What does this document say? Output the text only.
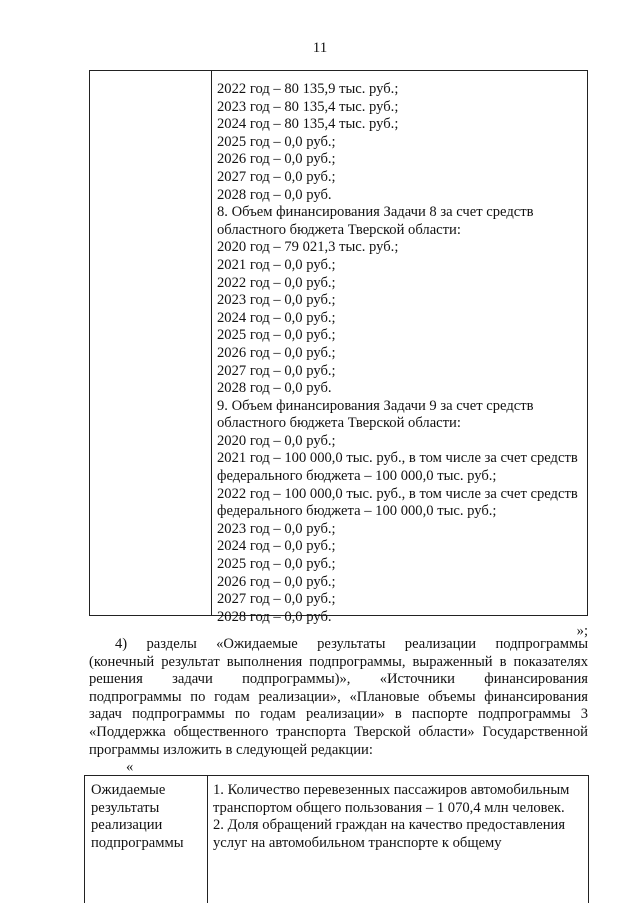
11
2022 год – 80 135,9 тыс. руб.;
2023 год – 80 135,4 тыс. руб.;
2024 год – 80 135,4 тыс. руб.;
2025 год – 0,0 руб.;
2026 год – 0,0 руб.;
2027 год – 0,0 руб.;
2028 год – 0,0 руб.
8. Объем финансирования Задачи 8 за счет средств
областного бюджета Тверской области:
2020 год – 79 021,3 тыс. руб.;
2021 год – 0,0 руб.;
2022 год – 0,0 руб.;
2023 год – 0,0 руб.;
2024 год – 0,0 руб.;
2025 год – 0,0 руб.;
2026 год – 0,0 руб.;
2027 год – 0,0 руб.;
2028 год – 0,0 руб.
9. Объем финансирования Задачи 9 за счет средств
областного бюджета Тверской области:
2020 год – 0,0 руб.;
2021 год – 100 000,0 тыс. руб., в том числе за счет средств
федерального бюджета – 100 000,0 тыс. руб.;
2022 год – 100 000,0 тыс. руб., в том числе за счет средств
федерального бюджета – 100 000,0 тыс. руб.;
2023 год – 0,0 руб.;
2024 год – 0,0 руб.;
2025 год – 0,0 руб.;
2026 год – 0,0 руб.;
2027 год – 0,0 руб.;
2028 год – 0,0 руб.
»;
4) разделы «Ожидаемые результаты реализации подпрограммы
(конечный результат выполнения подпрограммы, выраженный в показателях
решения задачи подпрограммы)», «Источники финансирования
подпрограммы по годам реализации», «Плановые объемы финансирования
задач подпрограммы по годам реализации» в паспорте подпрограммы 3
«Поддержка общественного транспорта Тверской области» Государственной
программы изложить в следующей редакции:
«
Ожидаемые
результаты
реализации
подпрограммы
1. Количество перевезенных пассажиров автомобильным
транспортом общего пользования – 1 070,4 млн человек.
2. Доля обращений граждан на качество предоставления
услуг на автомобильном транспорте к общему
